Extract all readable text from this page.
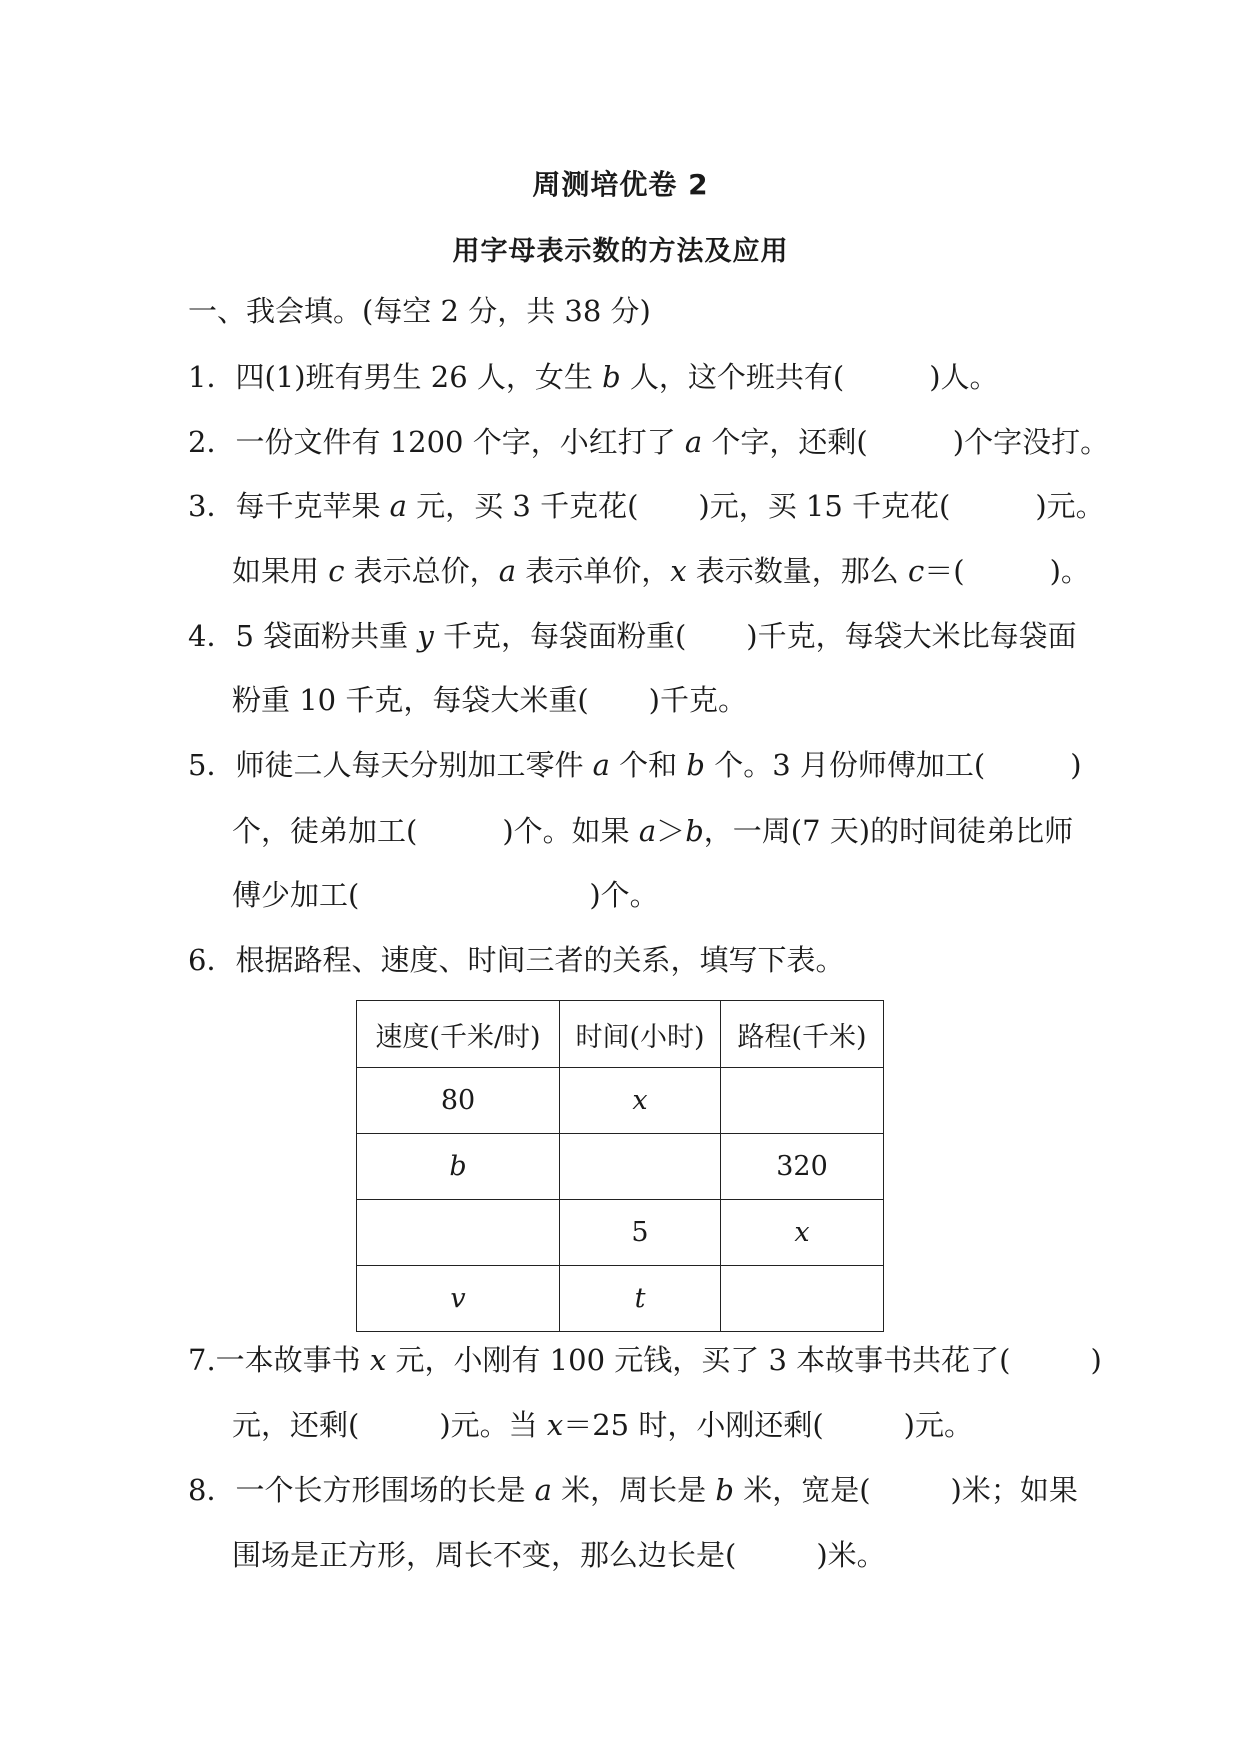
周测培优卷 2
用字母表示数的方法及应用
一、我会填。(每空 2 分，共 38 分)
1．四(1)班有男生 26 人，女生 b 人，这个班共有(	)人。
2．一份文件有 1200 个字，小红打了 a 个字，还剩(	)个字没打。
3．每千克苹果 a 元，买 3 千克花( )元，买 15 千克花(	)元。
如果用 c 表示总价，a 表示单价，x 表示数量，那么 c＝(	)。
4．5 袋面粉共重 y 千克，每袋面粉重( )千克，每袋大米比每袋面
粉重 10 千克，每袋大米重( )千克。
5．师徒二人每天分别加工零件 a 个和 b 个。3 月份师傅加工(	)
个，徒弟加工(	)个。如果 a＞b，一周(7 天)的时间徒弟比师
傅少加工(	)个。
6．根据路程、速度、时间三者的关系，填写下表。
速度(千米/时)	时间(小时)	路程(千米)
80	x	
b		320
	5	x
v	t	
7.一本故事书 x 元，小刚有 100 元钱，买了 3 本故事书共花了(	)
元，还剩(	)元。当 x＝25 时，小刚还剩(	)元。
8．一个长方形围场的长是 a 米，周长是 b 米，宽是(	)米；如果
围场是正方形，周长不变，那么边长是(	)米。
